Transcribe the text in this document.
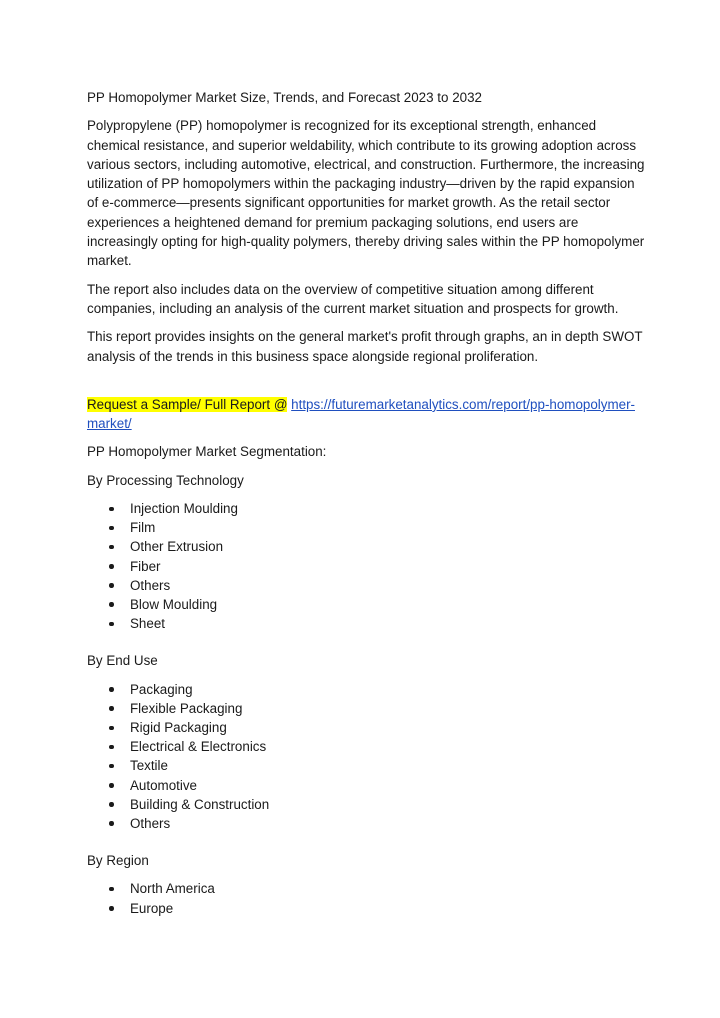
PP Homopolymer Market Size, Trends, and Forecast 2023 to 2032
Polypropylene (PP) homopolymer is recognized for its exceptional strength, enhanced chemical resistance, and superior weldability, which contribute to its growing adoption across various sectors, including automotive, electrical, and construction. Furthermore, the increasing utilization of PP homopolymers within the packaging industry—driven by the rapid expansion of e-commerce—presents significant opportunities for market growth. As the retail sector experiences a heightened demand for premium packaging solutions, end users are increasingly opting for high-quality polymers, thereby driving sales within the PP homopolymer market.
The report also includes data on the overview of competitive situation among different companies, including an analysis of the current market situation and prospects for growth.
This report provides insights on the general market's profit through graphs, an in depth SWOT analysis of the trends in this business space alongside regional proliferation.
Request a Sample/ Full Report @ https://futuremarketanalytics.com/report/pp-homopolymer-market/
PP Homopolymer Market Segmentation:
By Processing Technology
Injection Moulding
Film
Other Extrusion
Fiber
Others
Blow Moulding
Sheet
By End Use
Packaging
Flexible Packaging
Rigid Packaging
Electrical & Electronics
Textile
Automotive
Building & Construction
Others
By Region
North America
Europe
